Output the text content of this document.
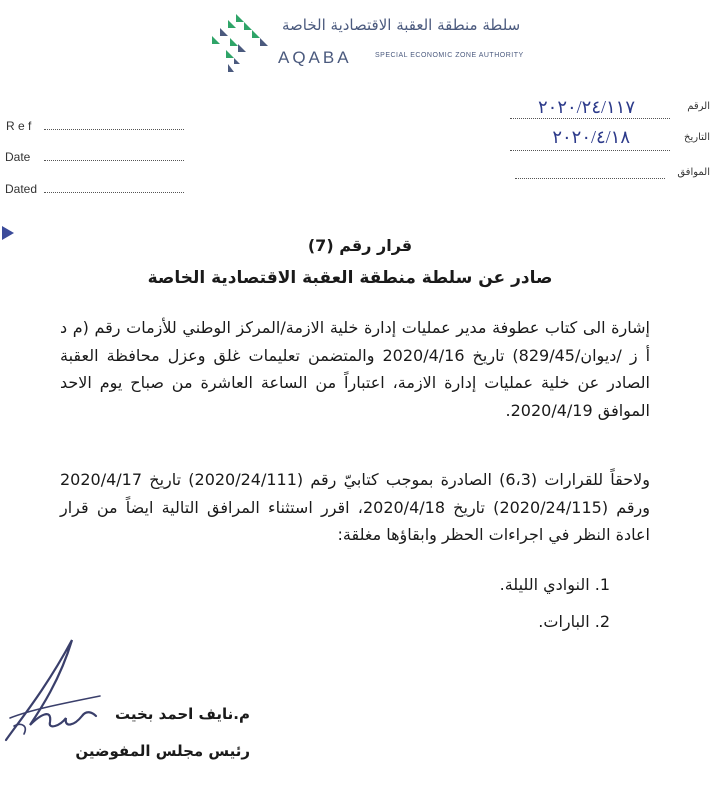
سلطة منطقة العقبة الاقتصادية الخاصة
AQABA	SPECIAL ECONOMIC ZONE AUTHORITY
R e f
Date
Dated
الرقم
٢٠٢٠/٢٤/١١٧
التاريخ
٢٠٢٠/٤/١٨
الموافق
قرار رقم (7)
صادر عن سلطة منطقة العقبة الاقتصادية الخاصة
إشارة الى كتاب عطوفة مدير عمليات إدارة خلية الازمة/المركز الوطني للأزمات رقم (م د أ ز /ديوان/829/45) تاريخ 2020/4/16 والمتضمن تعليمات غلق وعزل محافظة العقبة الصادر عن خلية عمليات إدارة الازمة، اعتباراً من الساعة العاشرة من صباح يوم الاحد الموافق 2020/4/19.
ولاحقاً للقرارات (6،3) الصادرة بموجب كتابيّ رقم (2020/24/111) تاريخ 2020/4/17 ورقم (2020/24/115) تاريخ 2020/4/18، اقرر استثناء المرافق التالية ايضاً من قرار اعادة النظر في اجراءات الحظر وابقاؤها مغلقة:
1. النوادي الليلة.
2. البارات.
م.نايف احمد بخيت
رئيس مجلس المفوضين
